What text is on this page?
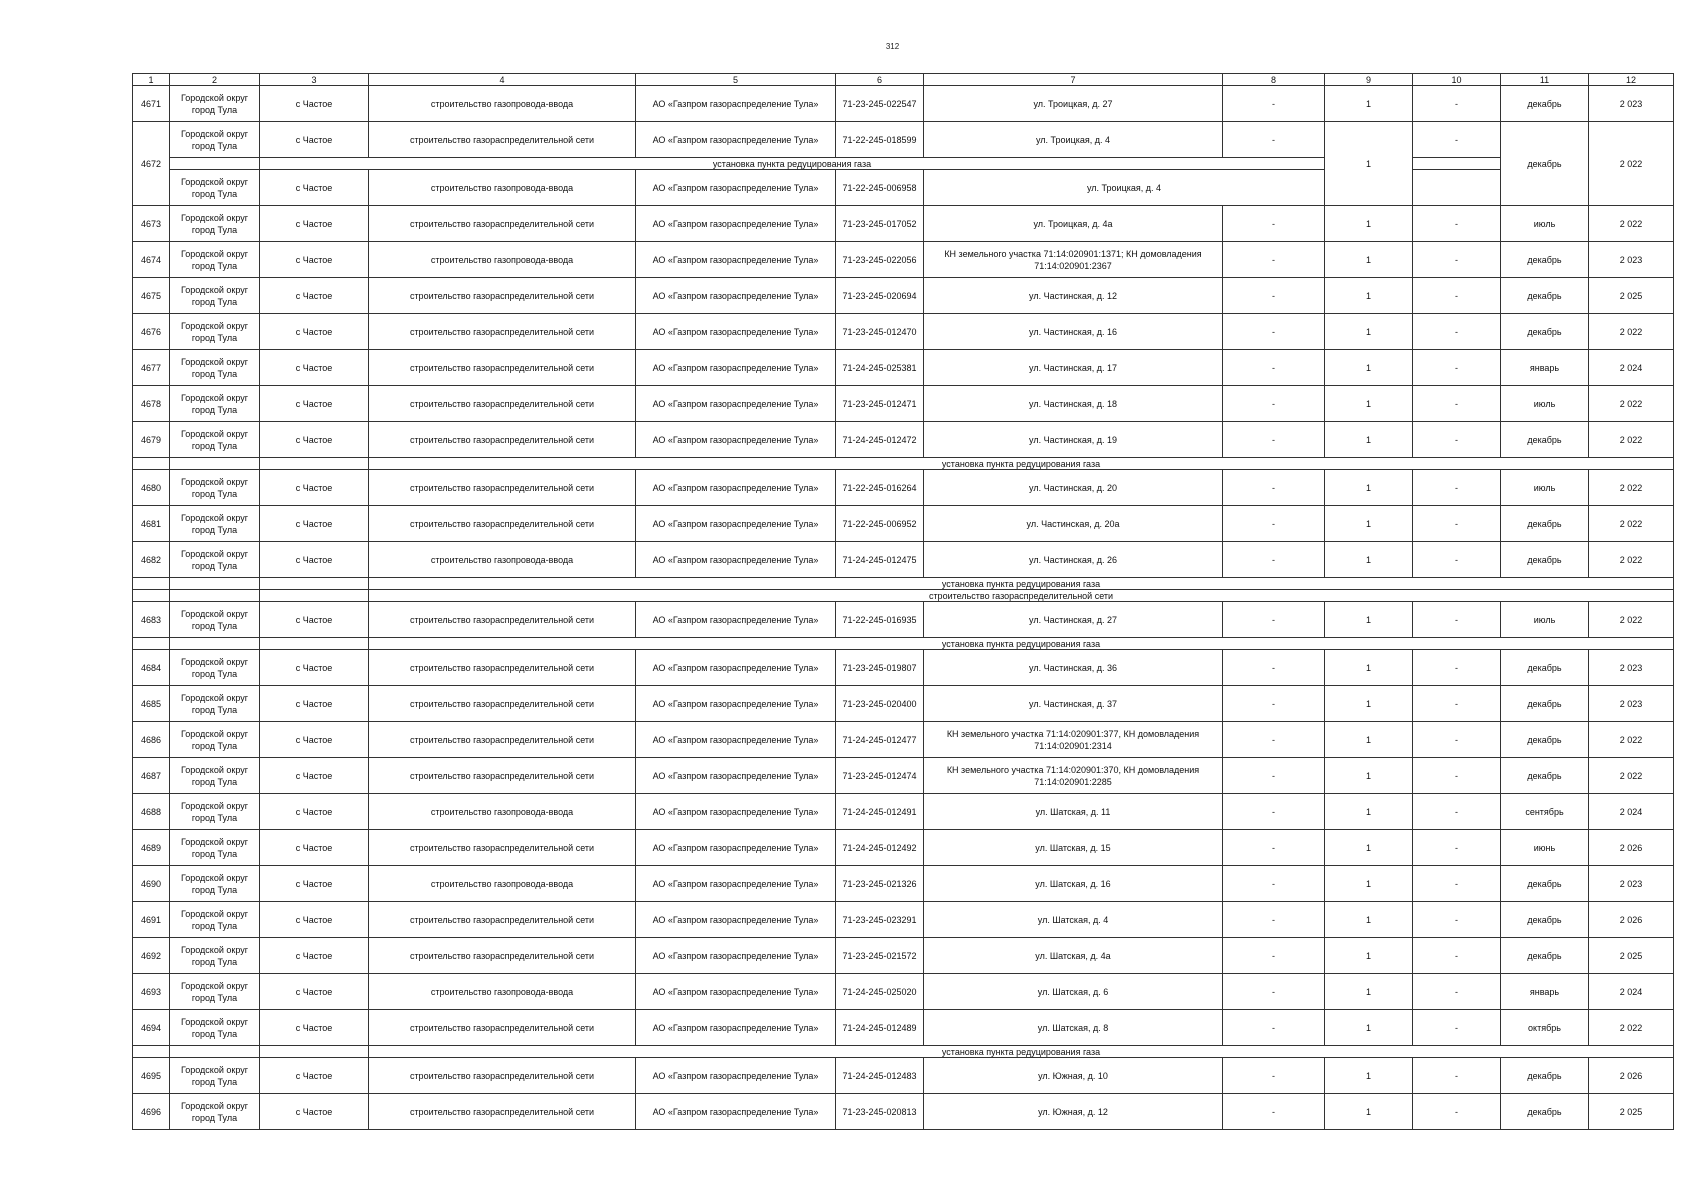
312
1	2	3	4	5	6	7	8	9	10	11	12	
4671	Городской округ город Тула	с Частое	строительство газопровода-ввода	АО «Газпром газораспределение Тула»	71-23-245-022547	ул. Троицкая, д. 27	-	1	-	декабрь	2 023	
4672	Городской округ город Тула	с Частое	строительство газораспределительной сети	АО «Газпром газораспределение Тула»	71-22-245-018599	ул. Троицкая, д. 4	-	1	-	декабрь	2 022	
		установка пункта редуцирования газа										
	Городской округ город Тула	с Частое	строительство газопровода-ввода	АО «Газпром газораспределение Тула»	71-22-245-006958	ул. Троицкая, д. 4						
4673	Городской округ город Тула	с Частое	строительство газораспределительной сети	АО «Газпром газораспределение Тула»	71-23-245-017052	ул. Троицкая, д. 4а	-	1	-	июль	2 022	
4674	Городской округ город Тула	с Частое	строительство газопровода-ввода	АО «Газпром газораспределение Тула»	71-23-245-022056	КН земельного участка 71:14:020901:1371; КН домовладения 71:14:020901:2367	-	1	-	декабрь	2 023	
4675	Городской округ город Тула	с Частое	строительство газораспределительной сети	АО «Газпром газораспределение Тула»	71-23-245-020694	ул. Частинская, д. 12	-	1	-	декабрь	2 025	
4676	Городской округ город Тула	с Частое	строительство газораспределительной сети	АО «Газпром газораспределение Тула»	71-23-245-012470	ул. Частинская, д. 16	-	1	-	декабрь	2 022	
4677	Городской округ город Тула	с Частое	строительство газораспределительной сети	АО «Газпром газораспределение Тула»	71-24-245-025381	ул. Частинская, д. 17	-	1	-	январь	2 024	
4678	Городской округ город Тула	с Частое	строительство газораспределительной сети	АО «Газпром газораспределение Тула»	71-23-245-012471	ул. Частинская, д. 18	-	1	-	июль	2 022	
4679	Городской округ город Тула	с Частое	строительство газораспределительной сети	АО «Газпром газораспределение Тула»	71-24-245-012472	ул. Частинская, д. 19	-	1	-	декабрь	2 022	
			установка пункта редуцирования газа									
4680	Городской округ город Тула	с Частое	строительство газораспределительной сети	АО «Газпром газораспределение Тула»	71-22-245-016264	ул. Частинская, д. 20	-	1	-	июль	2 022	
4681	Городской округ город Тула	с Частое	строительство газораспределительной сети	АО «Газпром газораспределение Тула»	71-22-245-006952	ул. Частинская, д. 20а	-	1	-	декабрь	2 022	
4682	Городской округ город Тула	с Частое	строительство газопровода-ввода	АО «Газпром газораспределение Тула»	71-24-245-012475	ул. Частинская, д. 26	-	1	-	декабрь	2 022	
			установка пункта редуцирования газа									
			строительство газораспределительной сети									
4683	Городской округ город Тула	с Частое	строительство газораспределительной сети	АО «Газпром газораспределение Тула»	71-22-245-016935	ул. Частинская, д. 27	-	1	-	июль	2 022	
			установка пункта редуцирования газа									
4684	Городской округ город Тула	с Частое	строительство газораспределительной сети	АО «Газпром газораспределение Тула»	71-23-245-019807	ул. Частинская, д. 36	-	1	-	декабрь	2 023	
4685	Городской округ город Тула	с Частое	строительство газораспределительной сети	АО «Газпром газораспределение Тула»	71-23-245-020400	ул. Частинская, д. 37	-	1	-	декабрь	2 023	
4686	Городской округ город Тула	с Частое	строительство газораспределительной сети	АО «Газпром газораспределение Тула»	71-24-245-012477	КН земельного участка 71:14:020901:377, КН домовладения 71:14:020901:2314	-	1	-	декабрь	2 022	
4687	Городской округ город Тула	с Частое	строительство газораспределительной сети	АО «Газпром газораспределение Тула»	71-23-245-012474	КН земельного участка 71:14:020901:370, КН домовладения 71:14:020901:2285	-	1	-	декабрь	2 022	
4688	Городской округ город Тула	с Частое	строительство газопровода-ввода	АО «Газпром газораспределение Тула»	71-24-245-012491	ул. Шатская, д. 11	-	1	-	сентябрь	2 024	
4689	Городской округ город Тула	с Частое	строительство газораспределительной сети	АО «Газпром газораспределение Тула»	71-24-245-012492	ул. Шатская, д. 15	-	1	-	июнь	2 026	
4690	Городской округ город Тула	с Частое	строительство газопровода-ввода	АО «Газпром газораспределение Тула»	71-23-245-021326	ул. Шатская, д. 16	-	1	-	декабрь	2 023	
4691	Городской округ город Тула	с Частое	строительство газораспределительной сети	АО «Газпром газораспределение Тула»	71-23-245-023291	ул. Шатская, д. 4	-	1	-	декабрь	2 026	
4692	Городской округ город Тула	с Частое	строительство газораспределительной сети	АО «Газпром газораспределение Тула»	71-23-245-021572	ул. Шатская, д. 4а	-	1	-	декабрь	2 025	
4693	Городской округ город Тула	с Частое	строительство газопровода-ввода	АО «Газпром газораспределение Тула»	71-24-245-025020	ул. Шатская, д. 6	-	1	-	январь	2 024	
4694	Городской округ город Тула	с Частое	строительство газораспределительной сети	АО «Газпром газораспределение Тула»	71-24-245-012489	ул. Шатская, д. 8	-	1	-	октябрь	2 022	
			установка пункта редуцирования газа									
4695	Городской округ город Тула	с Частое	строительство газораспределительной сети	АО «Газпром газораспределение Тула»	71-24-245-012483	ул. Южная, д. 10	-	1	-	декабрь	2 026	
4696	Городской округ город Тула	с Частое	строительство газораспределительной сети	АО «Газпром газораспределение Тула»	71-23-245-020813	ул. Южная, д. 12	-	1	-	декабрь	2 025	
